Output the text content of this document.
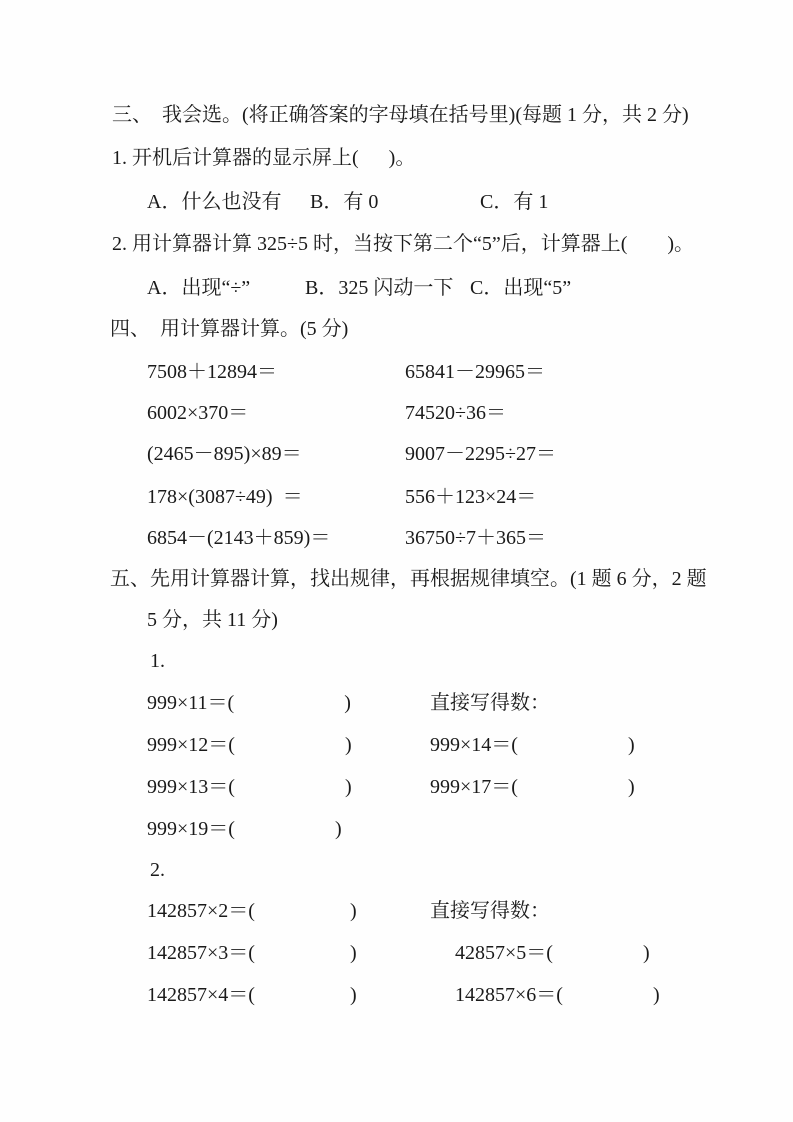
三、　我会选。(将正确答案的字母填在括号里)(每题 1 分，共 2 分)
1. 开机后计算器的显示屏上(      )。
A．什么也没有 B．有 0	C．有 1
2. 用计算器计算 325÷5 时，当按下第二个“5”后，计算器上(        )。
A．出现“÷”	B．325 闪动一下 C．出现“5”
四、　用计算器计算。(5 分)
7508＋12894＝	65841－29965＝
6002×370＝	74520÷36＝
(2465－895)×89＝	9007－2295÷27＝
178×(3087÷49)  ＝	556＋123×24＝
6854－(2143＋859)＝	36750÷7＋365＝
五、先用计算器计算，找出规律，再根据规律填空。(1 题 6 分，2 题
5 分，共 11 分)
1.
999×11＝(                      )	直接写得数：
999×12＝(                      )	999×14＝(                      )
999×13＝(                      )	999×17＝(                      )
999×19＝(                    )
2.
142857×2＝(                   )	直接写得数：
142857×3＝(                   )	42857×5＝(                  )
142857×4＝(                   )	142857×6＝(                  )
